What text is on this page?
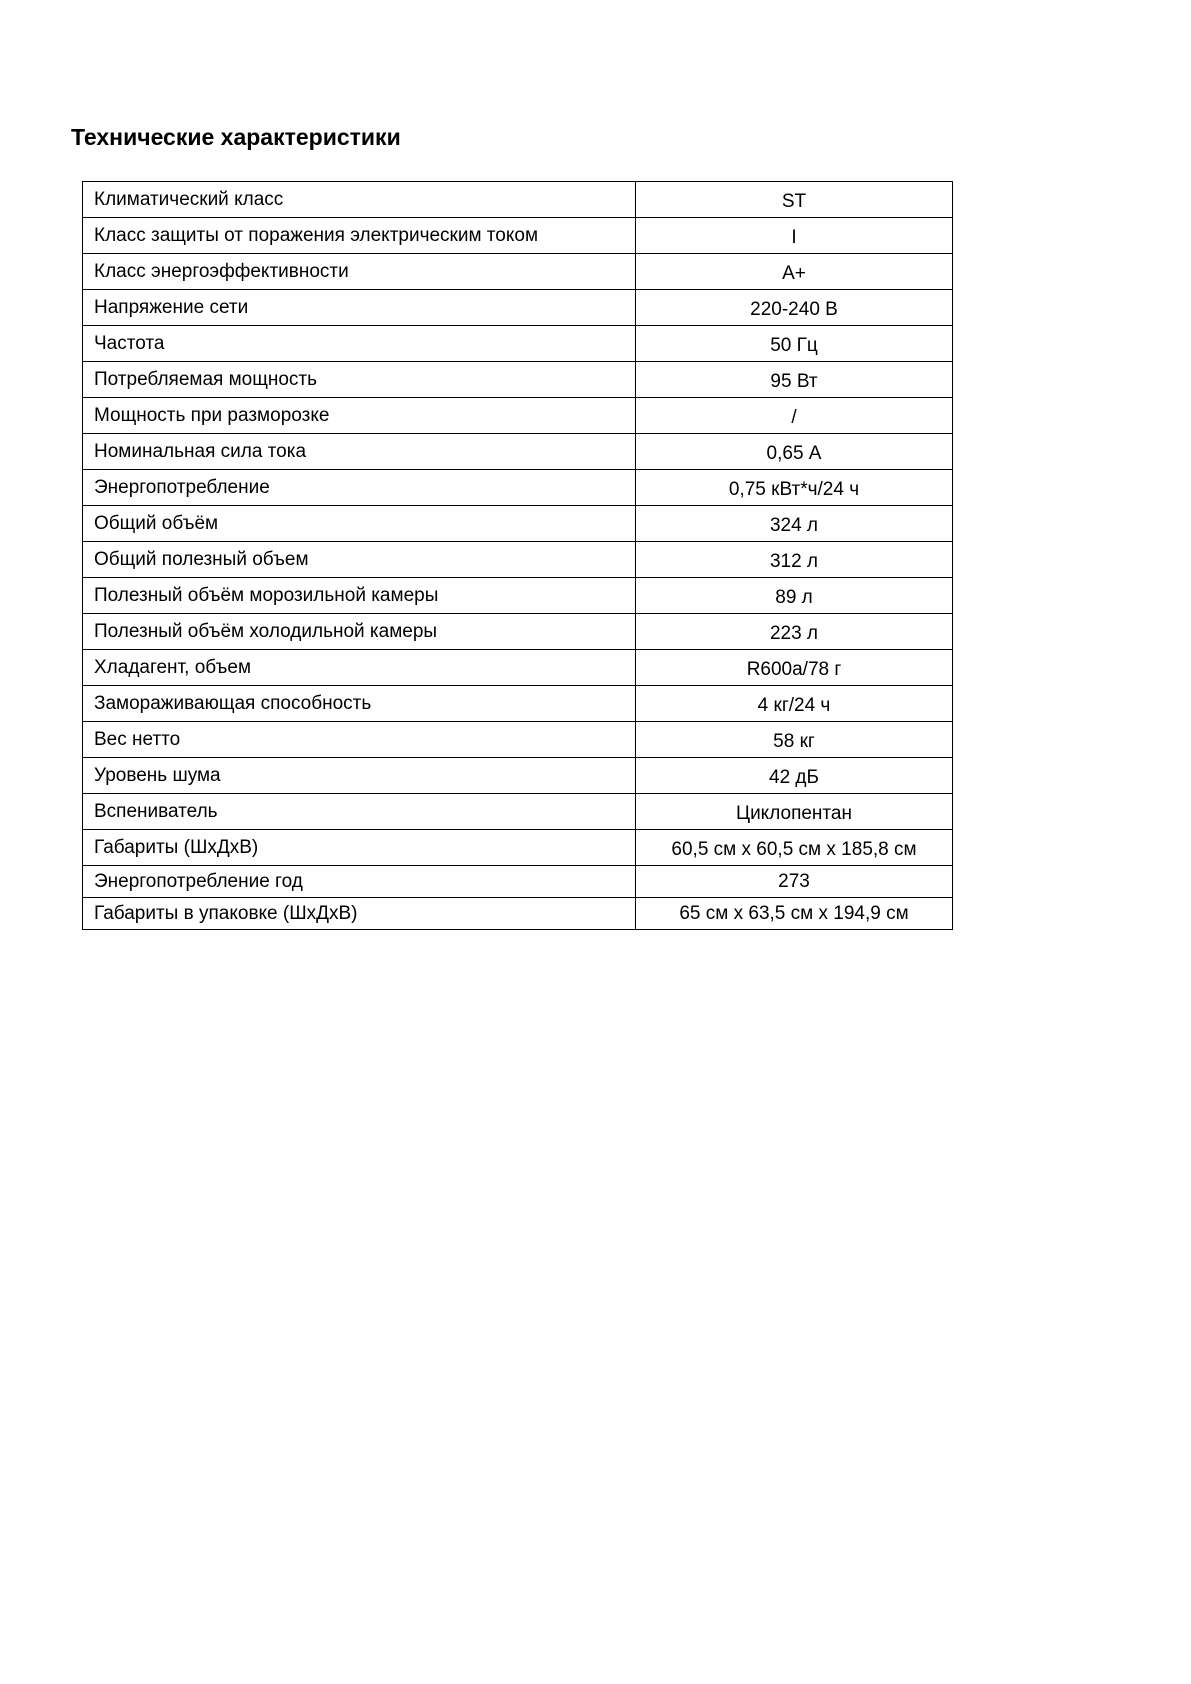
Технические характеристики
Климатический класс	ST
Класс защиты от поражения электрическим током	I
Класс энергоэффективности	A+
Напряжение сети	220-240 В
Частота	50 Гц
Потребляемая мощность	95 Вт
Мощность при разморозке	/
Номинальная сила тока	0,65 А
Энергопотребление	0,75 кВт*ч/24 ч
Общий объём	324 л
Общий полезный объем	312 л
Полезный объём морозильной камеры	89 л
Полезный объём холодильной камеры	223 л
Хладагент, объем	R600a/78 г
Замораживающая способность	4 кг/24 ч
Вес нетто	58 кг
Уровень шума	42 дБ
Вспениватель	Циклопентан
Габариты (ШхДхВ)	60,5 см х 60,5 см х 185,8 см
Энергопотребление год	273
Габариты в упаковке (ШхДхВ)	65 см х 63,5 см х 194,9 см
